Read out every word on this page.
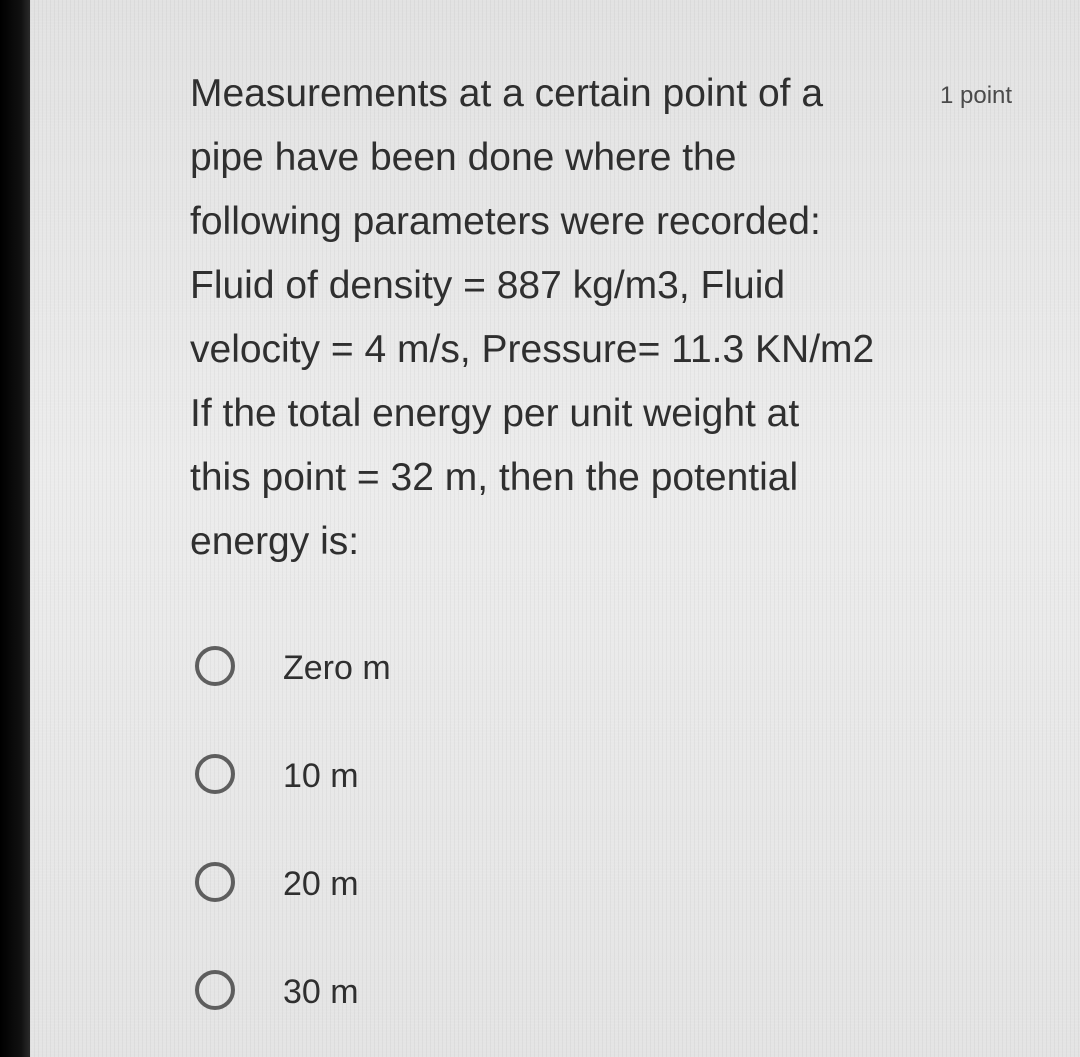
Measurements at a certain point of a
pipe have been done where the
following parameters were recorded:
Fluid of density = 887 kg/m3, Fluid
velocity = 4 m/s, Pressure= 11.3 KN/m2
If the total energy per unit weight at
this point = 32 m, then the potential
energy is:

1 point
Zero m
10 m
20 m
30 m
